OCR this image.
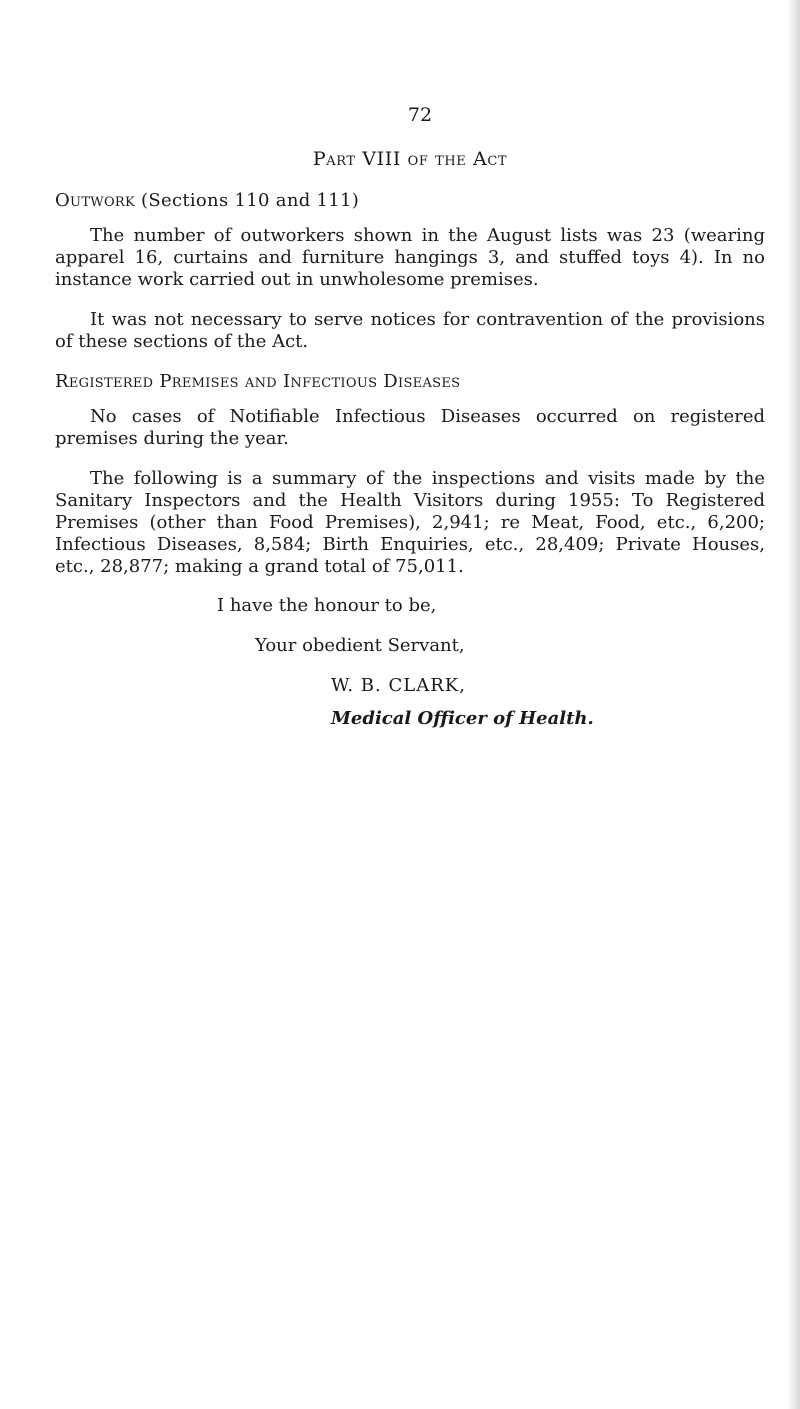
72
Part VIII of the Act
Outwork (Sections 110 and 111)

The number of outworkers shown in the August lists was 23 (wearing apparel 16, curtains and furniture hangings 3, and stuffed toys 4). In no instance work carried out in unwholesome premises.

It was not necessary to serve notices for contravention of the provisions of these sections of the Act.

Registered Premises and Infectious Diseases

No cases of Notifiable Infectious Diseases occurred on registered premises during the year.

The following is a summary of the inspections and visits made by the Sanitary Inspectors and the Health Visitors during 1955: To Registered Premises (other than Food Premises), 2,941; re Meat, Food, etc., 6,200; Infectious Diseases, 8,584; Birth Enquiries, etc., 28,409; Private Houses, etc., 28,877; making a grand total of 75,011.

I have the honour to be,
Your obedient Servant,
W. B. CLARK,
Medical Officer of Health.
